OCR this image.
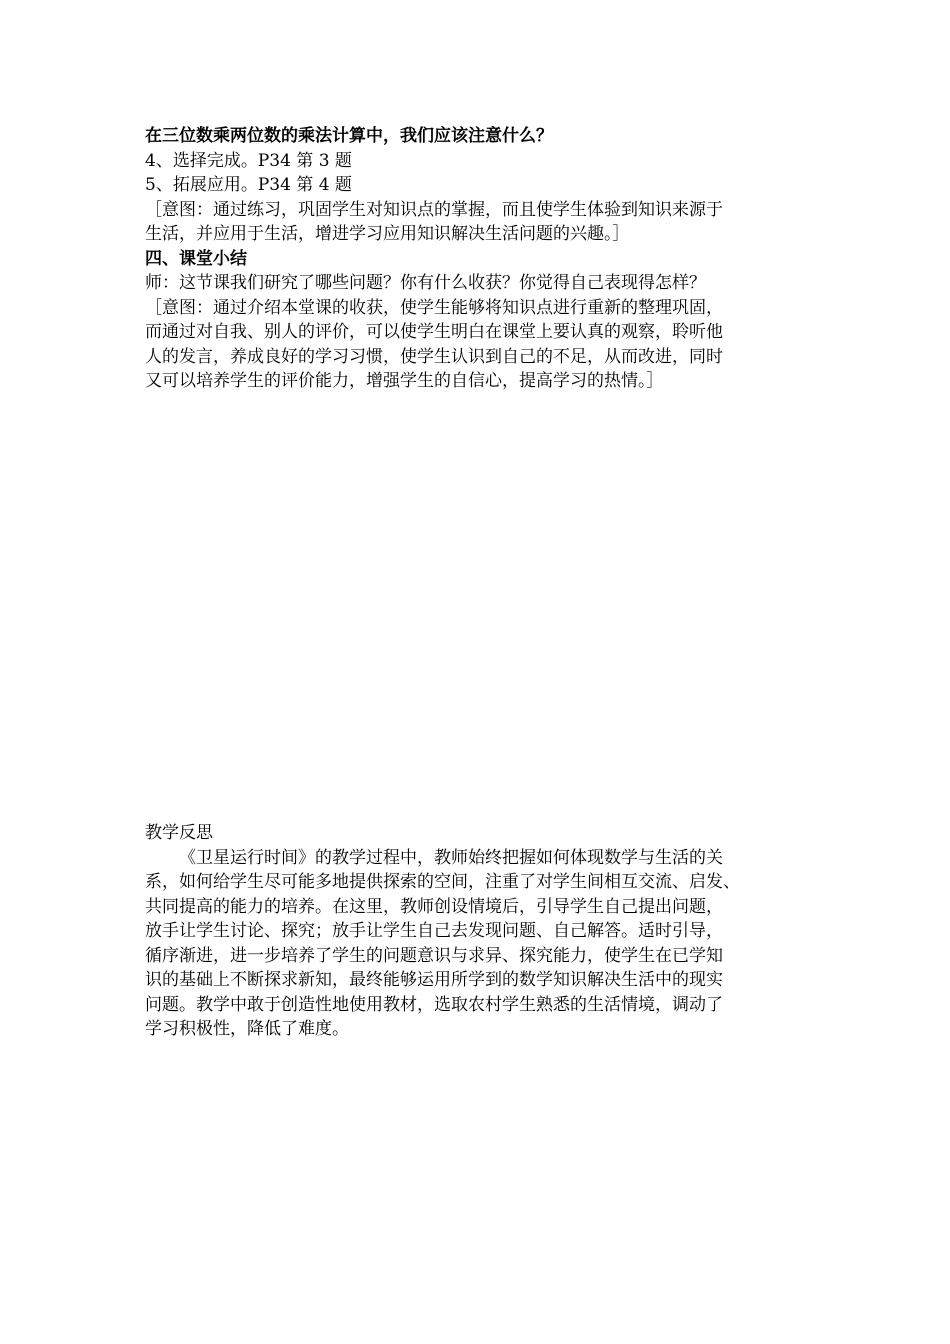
在三位数乘两位数的乘法计算中，我们应该注意什么？
4、选择完成。P34 第 3 题
5、拓展应用。P34 第 4 题
［意图：通过练习，巩固学生对知识点的掌握，而且使学生体验到知识来源于
生活，并应用于生活，增进学习应用知识解决生活问题的兴趣。］
四、课堂小结
师：这节课我们研究了哪些问题？你有什么收获？你觉得自己表现得怎样？
［意图：通过介绍本堂课的收获，使学生能够将知识点进行重新的整理巩固，
而通过对自我、别人的评价，可以使学生明白在课堂上要认真的观察，聆听他
人的发言，养成良好的学习习惯，使学生认识到自己的不足，从而改进，同时
又可以培养学生的评价能力，增强学生的自信心，提高学习的热情。］
教学反思
《卫星运行时间》的教学过程中，教师始终把握如何体现数学与生活的关
系，如何给学生尽可能多地提供探索的空间，注重了对学生间相互交流、启发、
共同提高的能力的培养。在这里，教师创设情境后，引导学生自己提出问题，
放手让学生讨论、探究；放手让学生自己去发现问题、自己解答。适时引导，
循序渐进，进一步培养了学生的问题意识与求异、探究能力，使学生在已学知
识的基础上不断探求新知，最终能够运用所学到的数学知识解决生活中的现实
问题。教学中敢于创造性地使用教材，选取农村学生熟悉的生活情境，调动了
学习积极性，降低了难度。
